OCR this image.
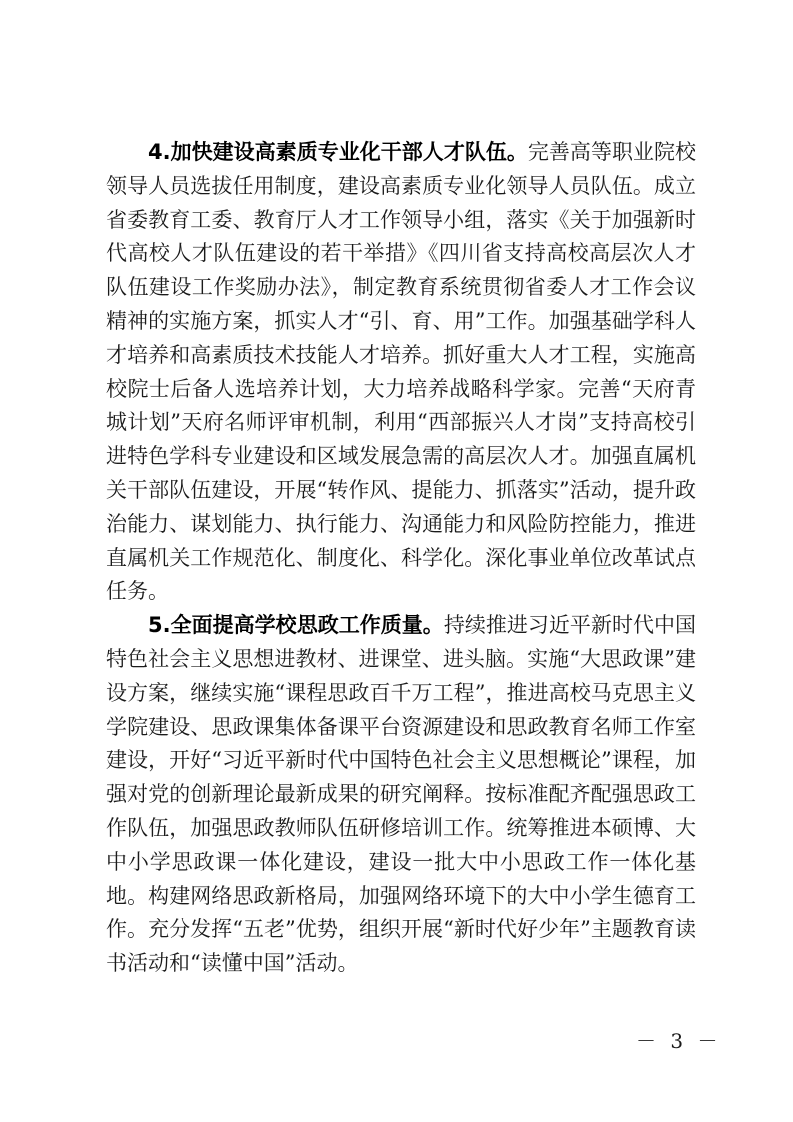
4.加快建设高素质专业化干部人才队伍。完善高等职业院校领导人员选拔任用制度，建设高素质专业化领导人员队伍。成立省委教育工委、教育厅人才工作领导小组，落实《关于加强新时代高校人才队伍建设的若干举措》《四川省支持高校高层次人才队伍建设工作奖励办法》，制定教育系统贯彻省委人才工作会议精神的实施方案，抓实人才“引、育、用”工作。加强基础学科人才培养和高素质技术技能人才培养。抓好重大人才工程，实施高校院士后备人选培养计划，大力培养战略科学家。完善“天府青城计划”天府名师评审机制，利用“西部振兴人才岗”支持高校引进特色学科专业建设和区域发展急需的高层次人才。加强直属机关干部队伍建设，开展“转作风、提能力、抓落实”活动，提升政治能力、谋划能力、执行能力、沟通能力和风险防控能力，推进直属机关工作规范化、制度化、科学化。深化事业单位改革试点任务。

5.全面提高学校思政工作质量。持续推进习近平新时代中国特色社会主义思想进教材、进课堂、进头脑。实施“大思政课”建设方案，继续实施“课程思政百千万工程”，推进高校马克思主义学院建设、思政课集体备课平台资源建设和思政教育名师工作室建设，开好“习近平新时代中国特色社会主义思想概论”课程，加强对党的创新理论最新成果的研究阐释。按标准配齐配强思政工作队伍，加强思政教师队伍研修培训工作。统筹推进本硕博、大中小学思政课一体化建设，建设一批大中小思政工作一体化基地。构建网络思政新格局，加强网络环境下的大中小学生德育工作。充分发挥“五老”优势，组织开展“新时代好少年”主题教育读书活动和“读懂中国”活动。

－ 3 －
